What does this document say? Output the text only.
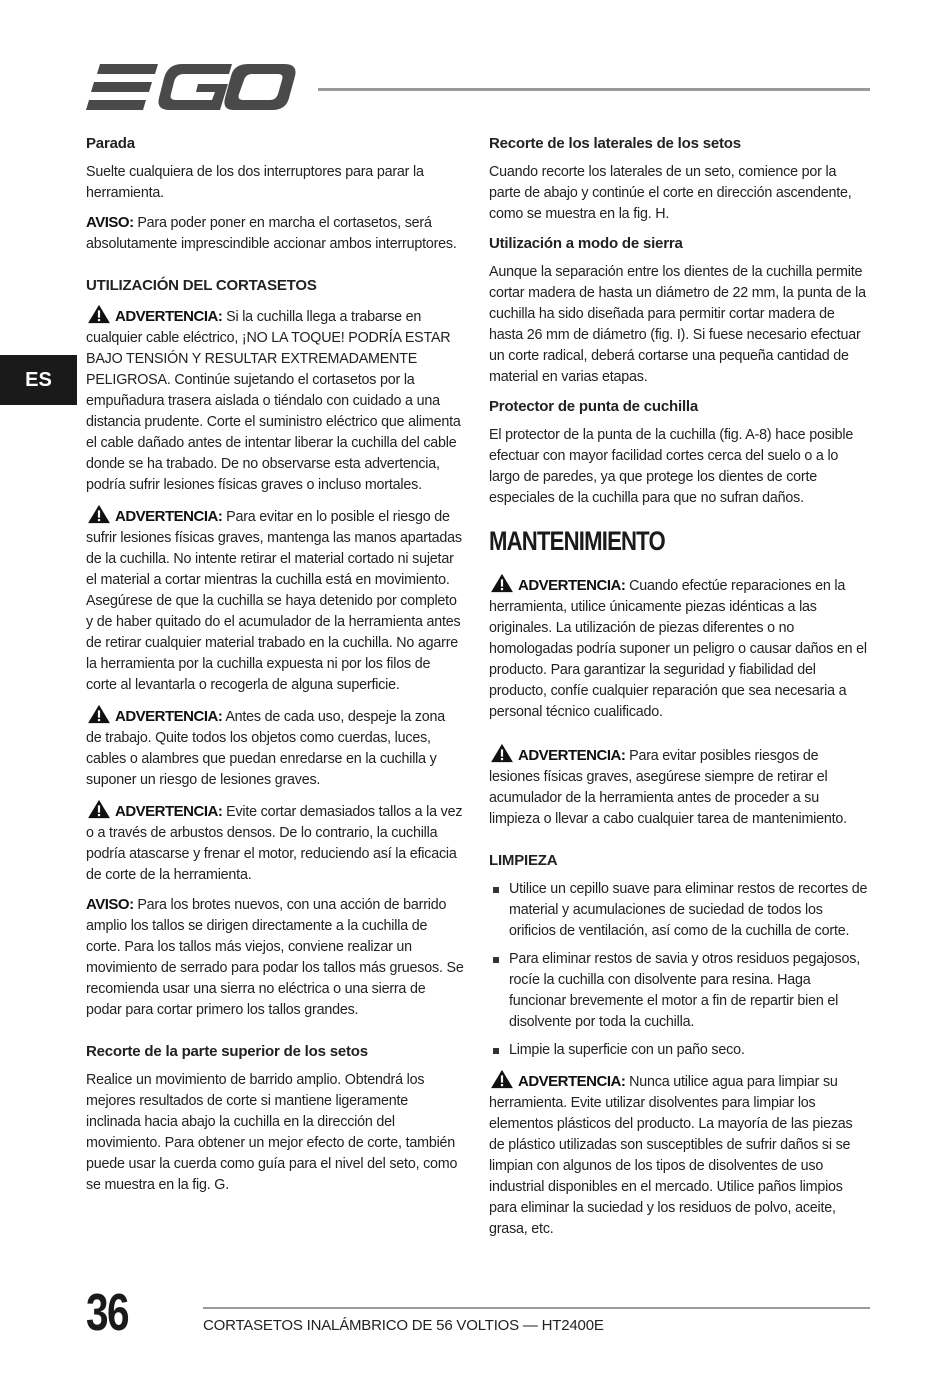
ES
Parada

Suelte cualquiera de los dos interruptores para parar la herramienta.

AVISO: Para poder poner en marcha el cortasetos, será absolutamente imprescindible accionar ambos interruptores.

UTILIZACIÓN DEL CORTASETOS

ADVERTENCIA: Si la cuchilla llega a trabarse en cualquier cable eléctrico, ¡NO LA TOQUE! PODRÍA ESTAR BAJO TENSIÓN Y RESULTAR EXTREMADAMENTE PELIGROSA. Continúe sujetando el cortasetos por la empuñadura trasera aislada o tiéndalo con cuidado a una distancia prudente. Corte el suministro eléctrico que alimenta el cable dañado antes de intentar liberar la cuchilla del cable donde se ha trabado. De no observarse esta advertencia, podría sufrir lesiones físicas graves o incluso mortales.

ADVERTENCIA: Para evitar en lo posible el riesgo de sufrir lesiones físicas graves, mantenga las manos apartadas de la cuchilla. No intente retirar el material cortado ni sujetar el material a cortar mientras la cuchilla está en movimiento. Asegúrese de que la cuchilla se haya detenido por completo y de haber quitado do el acumulador de la herramienta antes de retirar cualquier material trabado en la cuchilla. No agarre la herramienta por la cuchilla expuesta ni por los filos de corte al levantarla o recogerla de alguna superficie.

ADVERTENCIA: Antes de cada uso, despeje la zona de trabajo. Quite todos los objetos como cuerdas, luces, cables o alambres que puedan enredarse en la cuchilla y suponer un riesgo de lesiones graves.

ADVERTENCIA: Evite cortar demasiados tallos a la vez o a través de arbustos densos. De lo contrario, la cuchilla podría atascarse y frenar el motor, reduciendo así la eficacia de corte de la herramienta.

AVISO: Para los brotes nuevos, con una acción de barrido amplio los tallos se dirigen directamente a la cuchilla de corte. Para los tallos más viejos, conviene realizar un movimiento de serrado para podar los tallos más gruesos. Se recomienda usar una sierra no eléctrica o una sierra de podar para cortar primero los tallos grandes.

Recorte de la parte superior de los setos

Realice un movimiento de barrido amplio. Obtendrá los mejores resultados de corte si mantiene ligeramente inclinada hacia abajo la cuchilla en la dirección del movimiento. Para obtener un mejor efecto de corte, también puede usar la cuerda como guía para el nivel del seto, como se muestra en la fig. G.

Recorte de los laterales de los setos

Cuando recorte los laterales de un seto, comience por la parte de abajo y continúe el corte en dirección ascendente, como se muestra en la fig. H.

Utilización a modo de sierra

Aunque la separación entre los dientes de la cuchilla permite cortar madera de hasta un diámetro de 22 mm, la punta de la cuchilla ha sido diseñada para permitir cortar madera de hasta 26 mm de diámetro (fig. I). Si fuese necesario efectuar un corte radical, deberá cortarse una pequeña cantidad de material en varias etapas.

Protector de punta de cuchilla

El protector de la punta de la cuchilla (fig. A-8) hace posible efectuar con mayor facilidad cortes cerca del suelo o a lo largo de paredes, ya que protege los dientes de corte especiales de la cuchilla para que no sufran daños.

MANTENIMIENTO

ADVERTENCIA: Cuando efectúe reparaciones en la herramienta, utilice únicamente piezas idénticas a las originales. La utilización de piezas diferentes o no homologadas podría suponer un peligro o causar daños en el producto. Para garantizar la seguridad y fiabilidad del producto, confíe cualquier reparación que sea necesaria a personal técnico cualificado.

ADVERTENCIA: Para evitar posibles riesgos de lesiones físicas graves, asegúrese siempre de retirar el acumulador de la herramienta antes de proceder a su limpieza o llevar a cabo cualquier tarea de mantenimiento.

LIMPIEZA
Utilice un cepillo suave para eliminar restos de recortes de material y acumulaciones de suciedad de todos los orificios de ventilación, así como de la cuchilla de corte.
Para eliminar restos de savia y otros residuos pegajosos, rocíe la cuchilla con disolvente para resina. Haga funcionar brevemente el motor a fin de repartir bien el disolvente por toda la cuchilla.
Limpie la superficie con un paño seco.

ADVERTENCIA: Nunca utilice agua para limpiar su herramienta. Evite utilizar disolventes para limpiar los elementos plásticos del producto. La mayoría de las piezas de plástico utilizadas son susceptibles de sufrir daños si se limpian con algunos de los tipos de disolventes de uso industrial disponibles en el mercado. Utilice paños limpios para eliminar la suciedad y los residuos de polvo, aceite, grasa, etc.

36	CORTASETOS INALÁMBRICO DE 56 VOLTIOS — HT2400E
